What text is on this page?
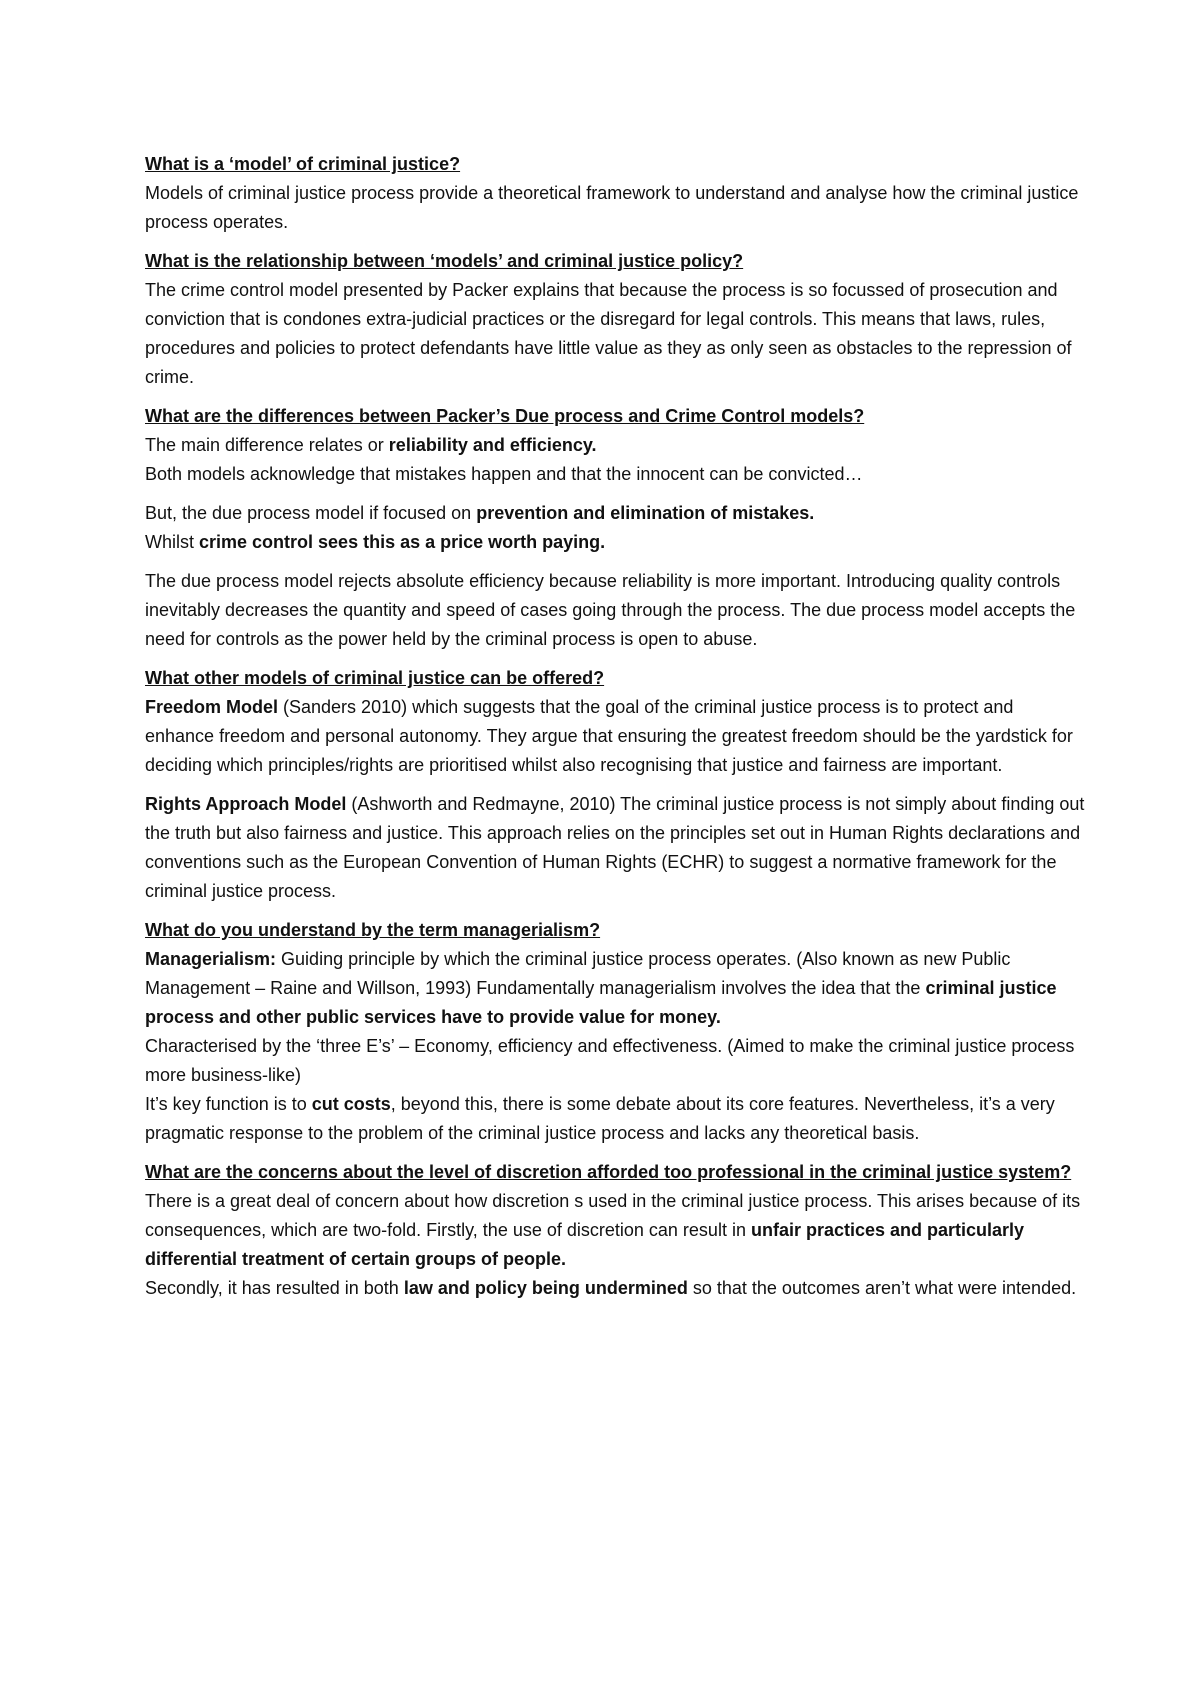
What is a ‘model’ of criminal justice?

Models of criminal justice process provide a theoretical framework to understand and analyse how the criminal justice process operates.

What is the relationship between ‘models’ and criminal justice policy?

The crime control model presented by Packer explains that because the process is so focussed of prosecution and conviction that is condones extra-judicial practices or the disregard for legal controls. This means that laws, rules, procedures and policies to protect defendants have little value as they as only seen as obstacles to the repression of crime.

What are the differences between Packer’s Due process and Crime Control models?

The main difference relates or reliability and efficiency.

Both models acknowledge that mistakes happen and that the innocent can be convicted…

But, the due process model if focused on prevention and elimination of mistakes.

Whilst crime control sees this as a price worth paying.

The due process model rejects absolute efficiency because reliability is more important. Introducing quality controls inevitably decreases the quantity and speed of cases going through the process. The due process model accepts the need for controls as the power held by the criminal process is open to abuse.

What other models of criminal justice can be offered?

Freedom Model (Sanders 2010) which suggests that the goal of the criminal justice process is to protect and enhance freedom and personal autonomy. They argue that ensuring the greatest freedom should be the yardstick for deciding which principles/rights are prioritised whilst also recognising that justice and fairness are important.

Rights Approach Model (Ashworth and Redmayne, 2010) The criminal justice process is not simply about finding out the truth but also fairness and justice. This approach relies on the principles set out in Human Rights declarations and conventions such as the European Convention of Human Rights (ECHR) to suggest a normative framework for the criminal justice process.

What do you understand by the term managerialism?

Managerialism: Guiding principle by which the criminal justice process operates. (Also known as new Public Management – Raine and Willson, 1993) Fundamentally managerialism involves the idea that the criminal justice process and other public services have to provide value for money.

Characterised by the ‘three E’s’ – Economy, efficiency and effectiveness. (Aimed to make the criminal justice process more business-like)

It’s key function is to cut costs, beyond this, there is some debate about its core features. Nevertheless, it’s a very pragmatic response to the problem of the criminal justice process and lacks any theoretical basis.

What are the concerns about the level of discretion afforded too professional in the criminal justice system?

There is a great deal of concern about how discretion s used in the criminal justice process. This arises because of its consequences, which are two-fold. Firstly, the use of discretion can result in unfair practices and particularly differential treatment of certain groups of people.

Secondly, it has resulted in both law and policy being undermined so that the outcomes aren’t what were intended.
